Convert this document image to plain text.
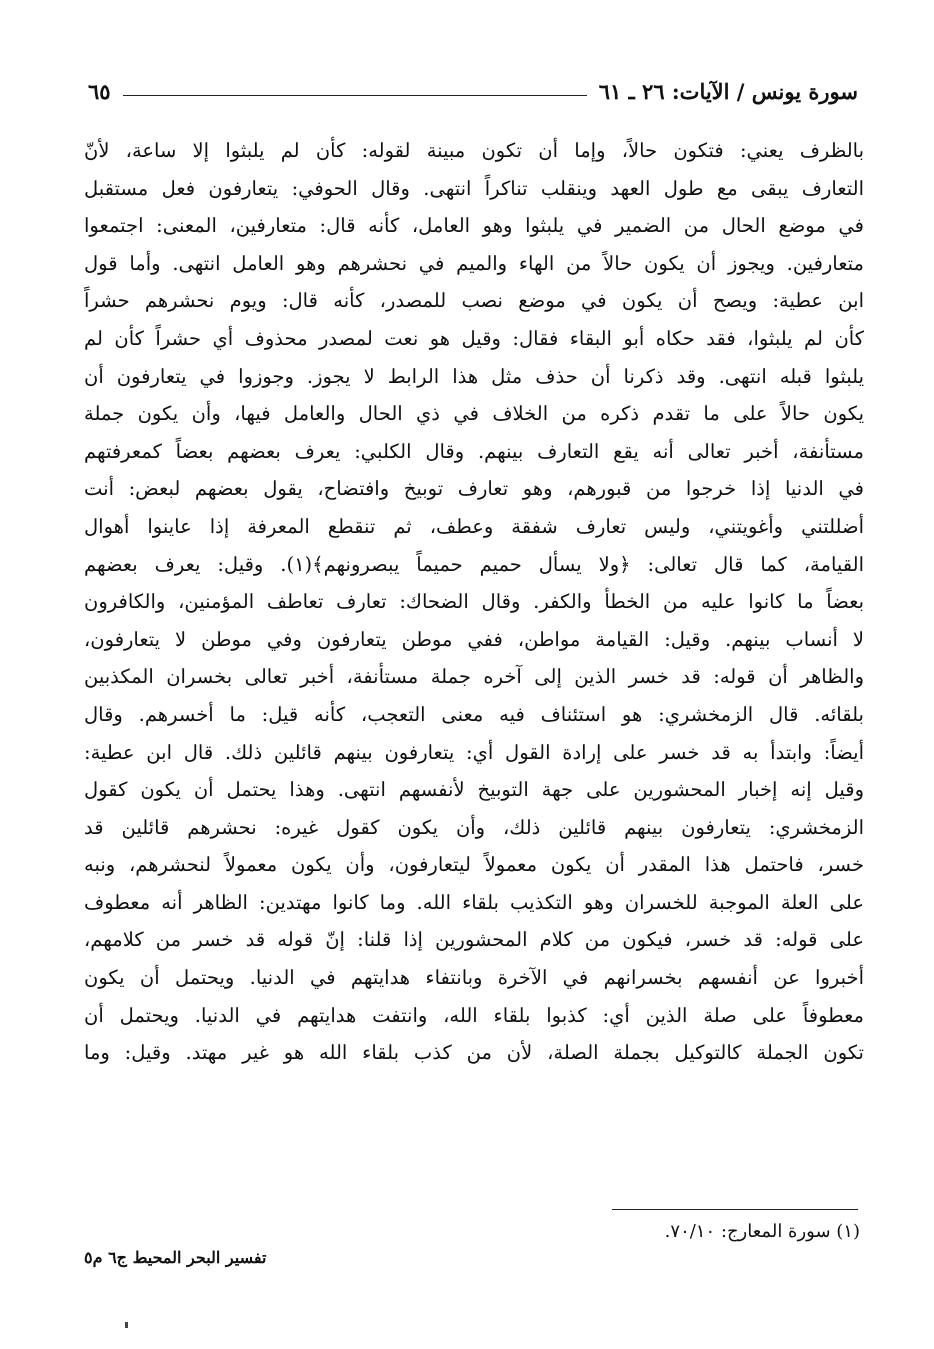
٦٥	سورة يونس / الآيات: ٢٦ ـ ٦١
بالظرف يعني: فتكون حالاً، وإما أن تكون مبينة لقوله: كأن لم يلبثوا إلا ساعة، لأنّ
التعارف يبقى مع طول العهد وينقلب تناكراً انتهى. وقال الحوفي: يتعارفون فعل مستقبل
في موضع الحال من الضمير في يلبثوا وهو العامل، كأنه قال: متعارفين، المعنى: اجتمعوا
متعارفين. ويجوز أن يكون حالاً من الهاء والميم في نحشرهم وهو العامل انتهى. وأما قول
ابن عطية: ويصح أن يكون في موضع نصب للمصدر، كأنه قال: ويوم نحشرهم حشراً
كأن لم يلبثوا، فقد حكاه أبو البقاء فقال: وقيل هو نعت لمصدر محذوف أي حشراً كأن لم
يلبثوا قبله انتهى. وقد ذكرنا أن حذف مثل هذا الرابط لا يجوز. وجوزوا في يتعارفون أن
يكون حالاً على ما تقدم ذكره من الخلاف في ذي الحال والعامل فيها، وأن يكون جملة
مستأنفة، أخبر تعالى أنه يقع التعارف بينهم. وقال الكلبي: يعرف بعضهم بعضاً كمعرفتهم
في الدنيا إذا خرجوا من قبورهم، وهو تعارف توبيخ وافتضاح، يقول بعضهم لبعض: أنت
أضللتني وأغويتني، وليس تعارف شفقة وعطف، ثم تنقطع المعرفة إذا عاينوا أهوال
القيامة، كما قال تعالى: ﴿ولا يسأل حميم حميماً يبصرونهم﴾(١). وقيل: يعرف بعضهم
بعضاً ما كانوا عليه من الخطأ والكفر. وقال الضحاك: تعارف تعاطف المؤمنين، والكافرون
لا أنساب بينهم. وقيل: القيامة مواطن، ففي موطن يتعارفون وفي موطن لا يتعارفون،
والظاهر أن قوله: قد خسر الذين إلى آخره جملة مستأنفة، أخبر تعالى بخسران المكذبين
بلقائه. قال الزمخشري: هو استئناف فيه معنى التعجب، كأنه قيل: ما أخسرهم. وقال
أيضاً: وابتدأ به قد خسر على إرادة القول أي: يتعارفون بينهم قائلين ذلك. قال ابن عطية:
وقيل إنه إخبار المحشورين على جهة التوبيخ لأنفسهم انتهى. وهذا يحتمل أن يكون كقول
الزمخشري: يتعارفون بينهم قائلين ذلك، وأن يكون كقول غيره: نحشرهم قائلين قد
خسر، فاحتمل هذا المقدر أن يكون معمولاً ليتعارفون، وأن يكون معمولاً لنحشرهم، ونبه
على العلة الموجبة للخسران وهو التكذيب بلقاء الله. وما كانوا مهتدين: الظاهر أنه معطوف
على قوله: قد خسر، فيكون من كلام المحشورين إذا قلنا: إنّ قوله قد خسر من كلامهم،
أخبروا عن أنفسهم بخسرانهم في الآخرة وبانتفاء هدايتهم في الدنيا. ويحتمل أن يكون
معطوفاً على صلة الذين أي: كذبوا بلقاء الله، وانتفت هدايتهم في الدنيا. ويحتمل أن
تكون الجملة كالتوكيل بجملة الصلة، لأن من كذب بلقاء الله هو غير مهتد. وقيل: وما
(١) سورة المعارج: ٧٠/١٠.
تفسير البحر المحيط ج٦ م٥
